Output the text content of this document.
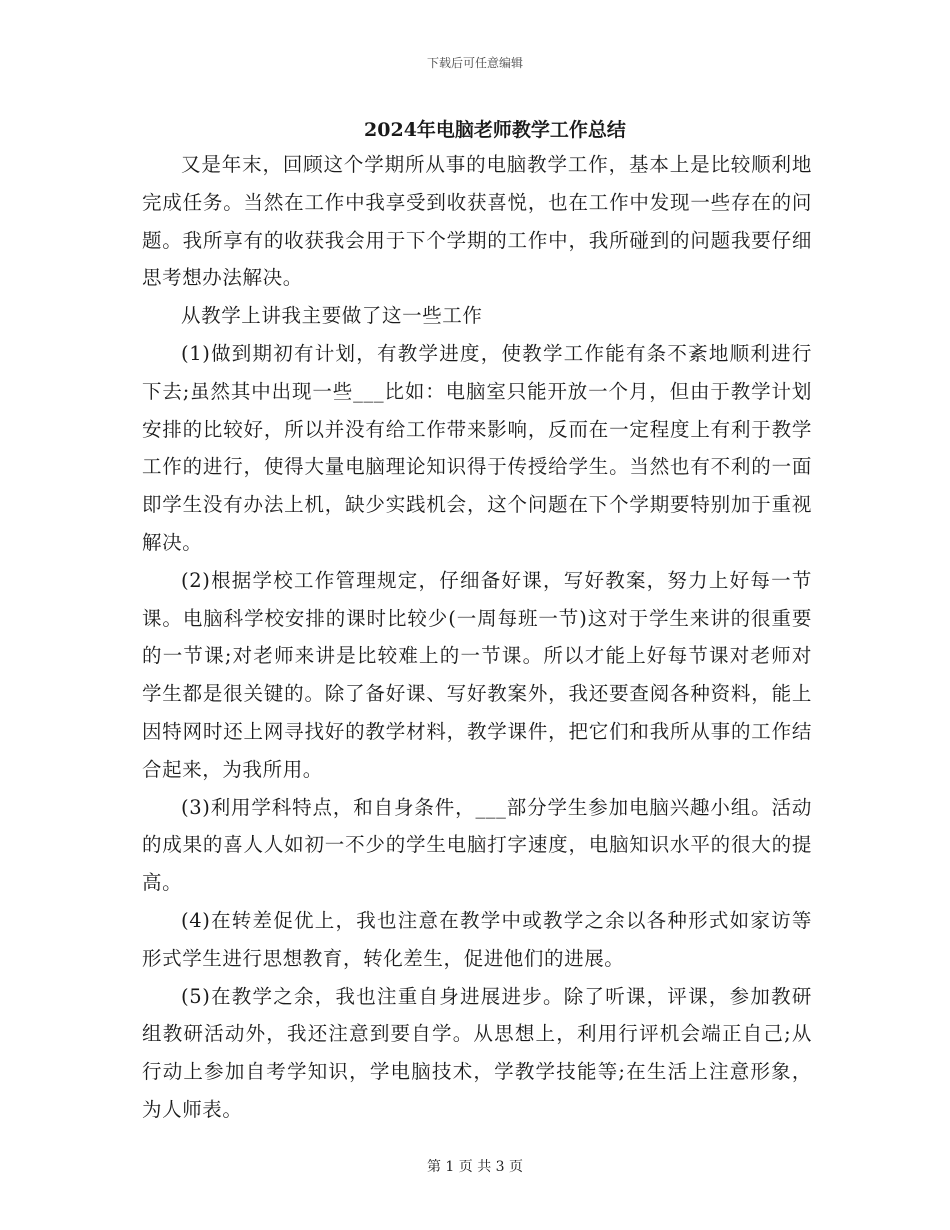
下载后可任意编辑
2024年电脑老师教学工作总结

又是年末，回顾这个学期所从事的电脑教学工作，基本上是比较顺利地完成任务。当然在工作中我享受到收获喜悦，也在工作中发现一些存在的问题。我所享有的收获我会用于下个学期的工作中，我所碰到的问题我要仔细思考想办法解决。

从教学上讲我主要做了这一些工作

(1)做到期初有计划，有教学进度，使教学工作能有条不紊地顺利进行下去;虽然其中出现一些___比如：电脑室只能开放一个月，但由于教学计划安排的比较好，所以并没有给工作带来影响，反而在一定程度上有利于教学工作的进行，使得大量电脑理论知识得于传授给学生。当然也有不利的一面即学生没有办法上机，缺少实践机会，这个问题在下个学期要特别加于重视解决。

(2)根据学校工作管理规定，仔细备好课，写好教案，努力上好每一节课。电脑科学校安排的课时比较少(一周每班一节)这对于学生来讲的很重要的一节课;对老师来讲是比较难上的一节课。所以才能上好每节课对老师对学生都是很关键的。除了备好课、写好教案外，我还要查阅各种资料，能上因特网时还上网寻找好的教学材料，教学课件，把它们和我所从事的工作结合起来，为我所用。

(3)利用学科特点，和自身条件，___部分学生参加电脑兴趣小组。活动的成果的喜人人如初一不少的学生电脑打字速度，电脑知识水平的很大的提高。

(4)在转差促优上，我也注意在教学中或教学之余以各种形式如家访等形式学生进行思想教育，转化差生，促进他们的进展。

(5)在教学之余，我也注重自身进展进步。除了听课，评课，参加教研组教研活动外，我还注意到要自学。从思想上，利用行评机会端正自己;从行动上参加自考学知识，学电脑技术，学教学技能等;在生活上注意形象，为人师表。

第 1 页 共 3 页
